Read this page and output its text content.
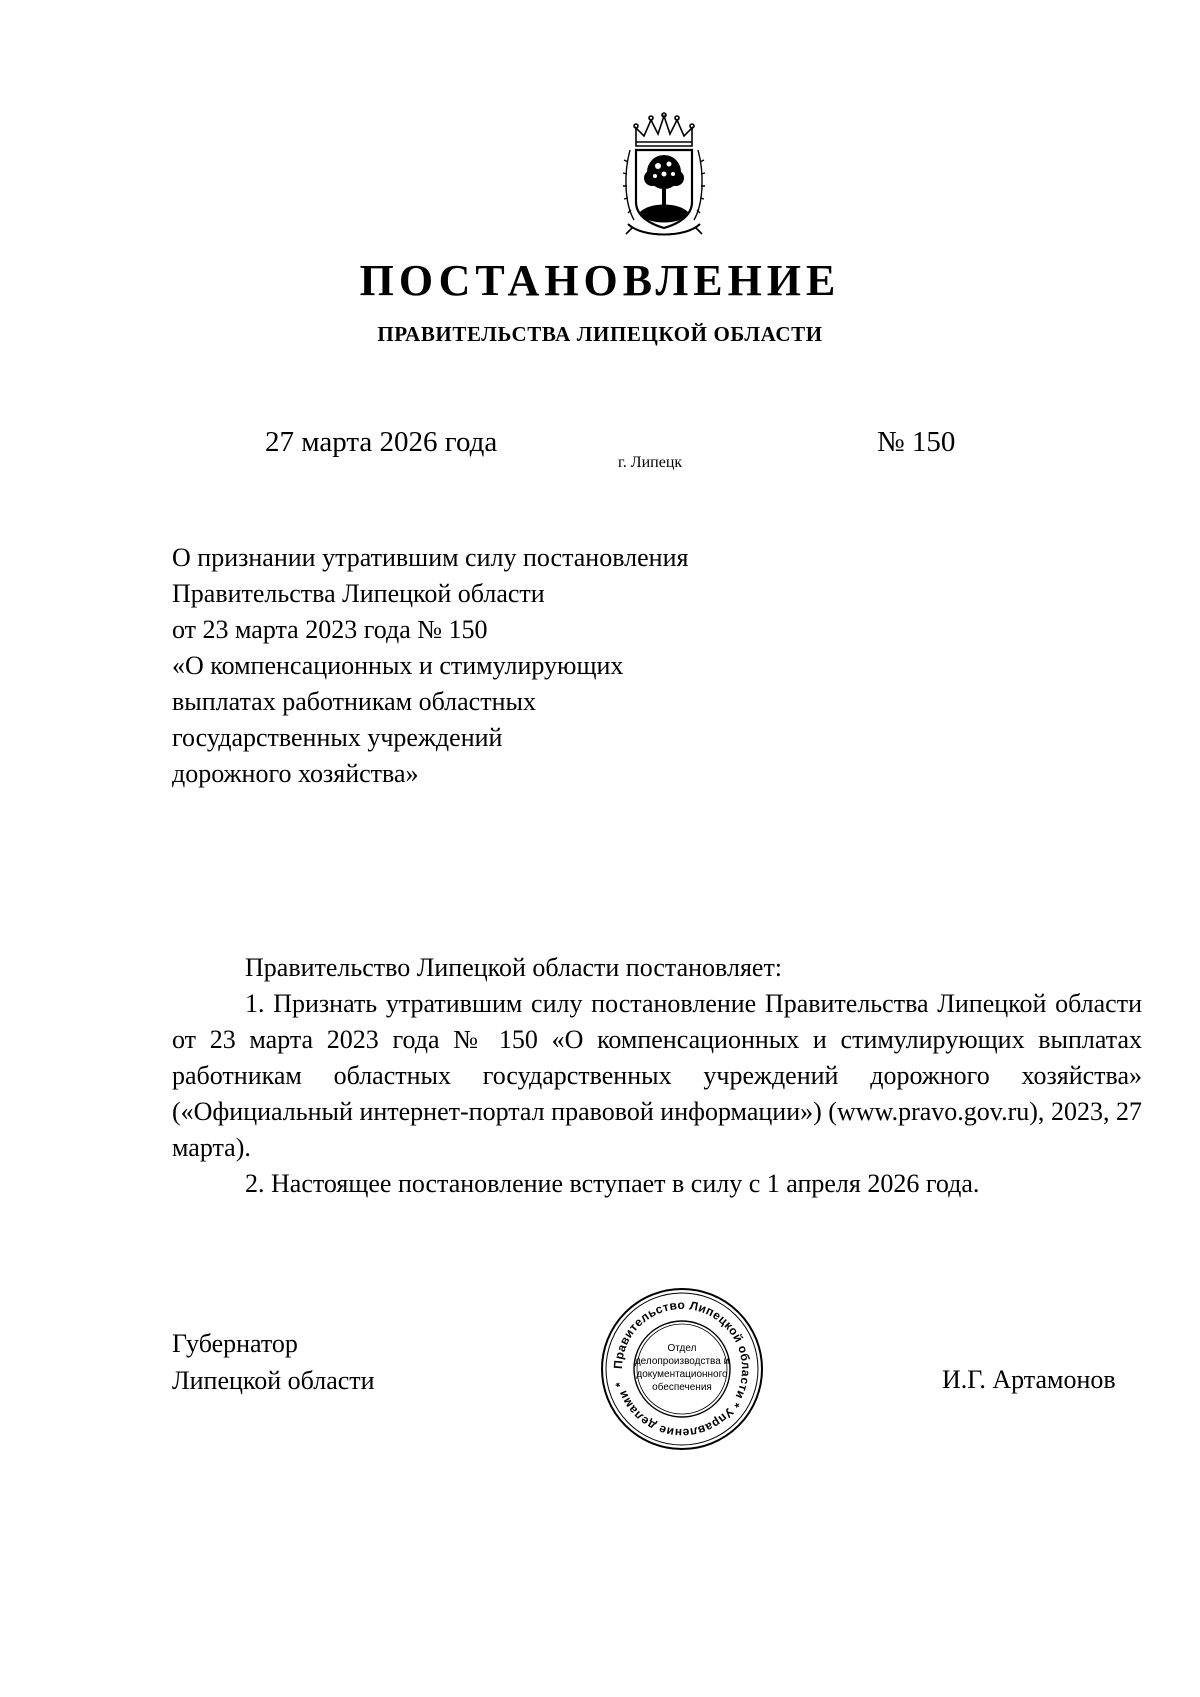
ПОСТАНОВЛЕНИЕ
ПРАВИТЕЛЬСТВА ЛИПЕЦКОЙ ОБЛАСТИ
27 марта 2026 года
г. Липецк
№ 150
О признании утратившим силу постановления
Правительства Липецкой области
от 23 марта 2023 года № 150
«О компенсационных и стимулирующих
выплатах работникам областных
государственных учреждений
дорожного хозяйства»

Правительство Липецкой области постановляет:

1. Признать утратившим силу постановление Правительства Липецкой области от 23 марта 2023 года № 150 «О компенсационных и стимулирующих выплатах работникам областных государственных учреждений дорожного хозяйства» («Официальный интернет-портал правовой информации») (www.pravo.gov.ru), 2023, 27 марта).

2. Настоящее постановление вступает в силу с 1 апреля 2026 года.

Губернатор
Липецкой области
Правительство Липецкой области * Управление делами *
Отдел
делопроизводства и
документационного
обеспечения	И.Г. Артамонов
